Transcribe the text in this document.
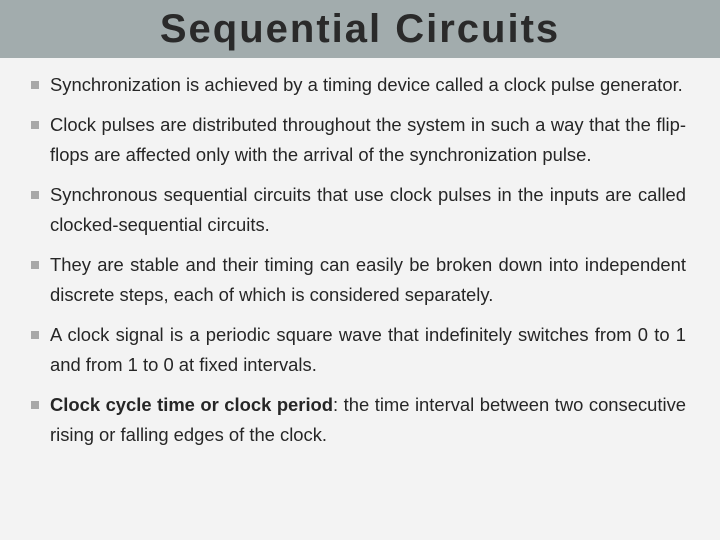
Sequential Circuits
Synchronization is achieved by a timing device called a clock pulse generator.
Clock pulses are distributed throughout the system in such a way that the flip-flops are affected only with the arrival of the synchronization pulse.
Synchronous sequential circuits that use clock pulses in the inputs are called clocked-sequential circuits.
They are stable and their timing can easily be broken down into independent discrete steps, each of which is considered separately.
A clock signal is a periodic square wave that indefinitely switches from 0 to 1 and from 1 to 0 at fixed intervals.
Clock cycle time or clock period: the time interval between two consecutive rising or falling edges of the clock.
